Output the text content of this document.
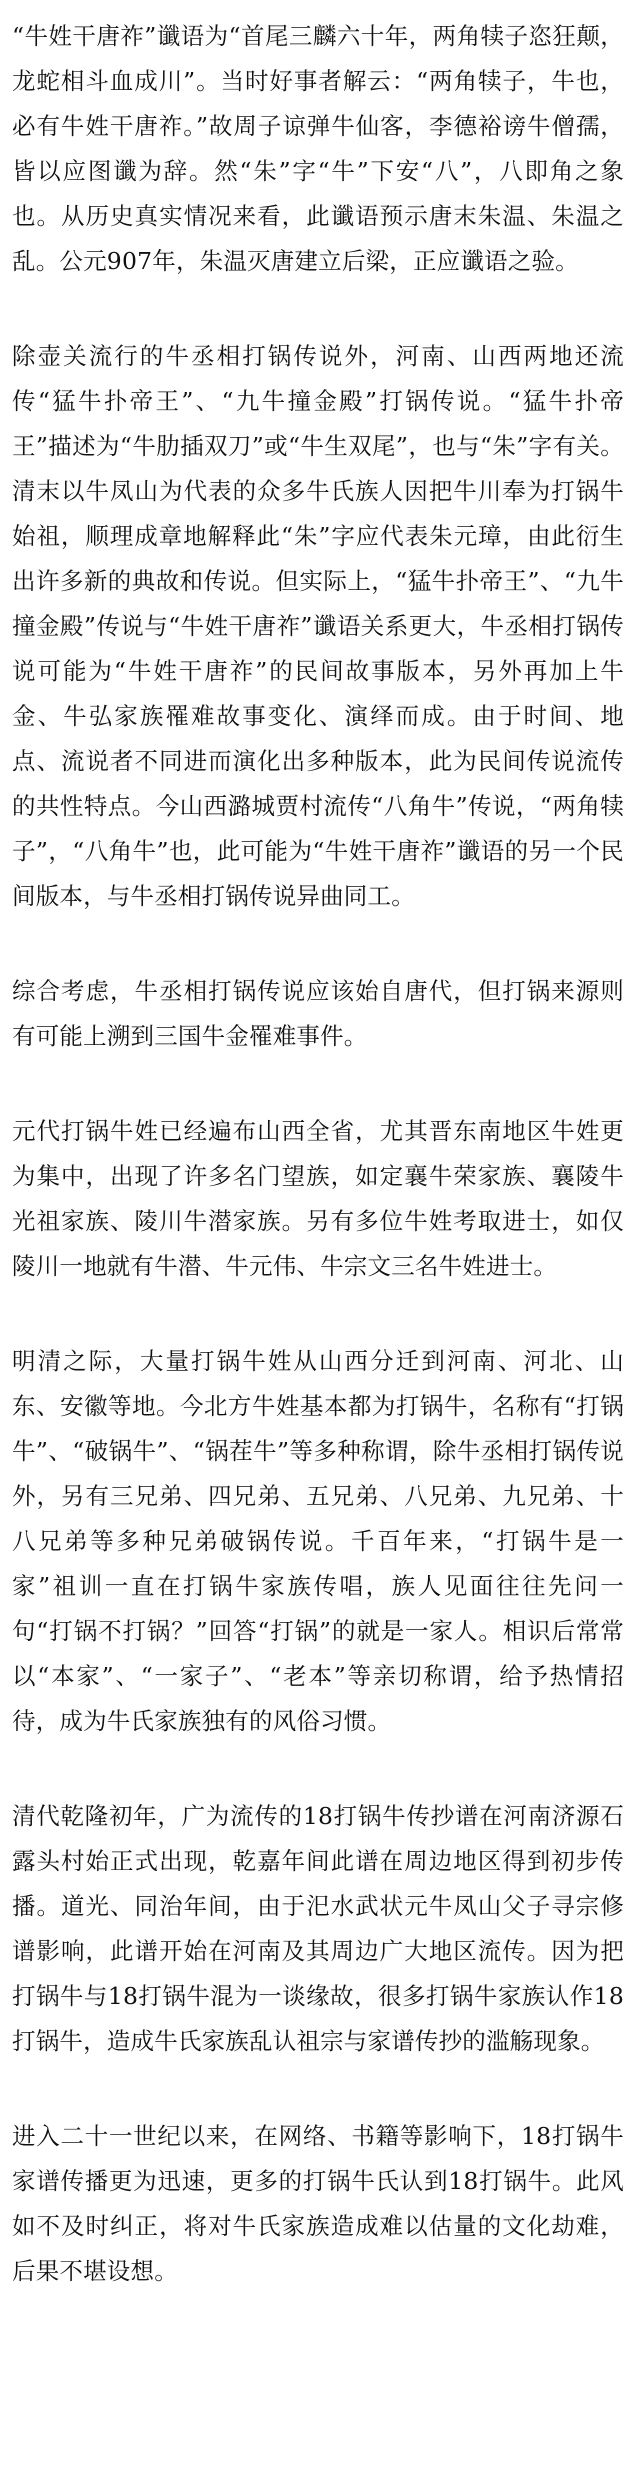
“牛姓干唐祚”谶语为“首尾三麟六十年，两角犊子恣狂颠，龙蛇相斗血成川”。当时好事者解云：“两角犊子，牛也，必有牛姓干唐祚。”故周子谅弹牛仙客，李德裕谤牛僧孺，皆以应图谶为辞。然“朱”字“牛”下安“八”，八即角之象也。从历史真实情况来看，此谶语预示唐末朱温、朱温之乱。公元907年，朱温灭唐建立后梁，正应谶语之验。

除壶关流行的牛丞相打锅传说外，河南、山西两地还流传“猛牛扑帝王”、“九牛撞金殿”打锅传说。“猛牛扑帝王”描述为“牛肋插双刀”或“牛生双尾”，也与“朱”字有关。清末以牛凤山为代表的众多牛氏族人因把牛川奉为打锅牛始祖，顺理成章地解释此“朱”字应代表朱元璋，由此衍生出许多新的典故和传说。但实际上，“猛牛扑帝王”、“九牛撞金殿”传说与“牛姓干唐祚”谶语关系更大，牛丞相打锅传说可能为“牛姓干唐祚”的民间故事版本，另外再加上牛金、牛弘家族罹难故事变化、演绎而成。由于时间、地点、流说者不同进而演化出多种版本，此为民间传说流传的共性特点。今山西潞城贾村流传“八角牛”传说，“两角犊子”，“八角牛”也，此可能为“牛姓干唐祚”谶语的另一个民间版本，与牛丞相打锅传说异曲同工。

综合考虑，牛丞相打锅传说应该始自唐代，但打锅来源则有可能上溯到三国牛金罹难事件。

元代打锅牛姓已经遍布山西全省，尤其晋东南地区牛姓更为集中，出现了许多名门望族，如定襄牛荣家族、襄陵牛光祖家族、陵川牛潜家族。另有多位牛姓考取进士，如仅陵川一地就有牛潜、牛元伟、牛宗文三名牛姓进士。

明清之际，大量打锅牛姓从山西分迁到河南、河北、山东、安徽等地。今北方牛姓基本都为打锅牛，名称有“打锅牛”、“破锅牛”、“锅茬牛”等多种称谓，除牛丞相打锅传说外，另有三兄弟、四兄弟、五兄弟、八兄弟、九兄弟、十八兄弟等多种兄弟破锅传说。千百年来，“打锅牛是一家”祖训一直在打锅牛家族传唱，族人见面往往先问一句“打锅不打锅？”回答“打锅”的就是一家人。相识后常常以“本家”、“一家子”、“老本”等亲切称谓，给予热情招待，成为牛氏家族独有的风俗习惯。

清代乾隆初年，广为流传的18打锅牛传抄谱在河南济源石露头村始正式出现，乾嘉年间此谱在周边地区得到初步传播。道光、同治年间，由于汜水武状元牛凤山父子寻宗修谱影响，此谱开始在河南及其周边广大地区流传。因为把打锅牛与18打锅牛混为一谈缘故，很多打锅牛家族认作18打锅牛，造成牛氏家族乱认祖宗与家谱传抄的滥觞现象。

进入二十一世纪以来，在网络、书籍等影响下，18打锅牛家谱传播更为迅速，更多的打锅牛氏认到18打锅牛。此风如不及时纠正，将对牛氏家族造成难以估量的文化劫难，后果不堪设想。
